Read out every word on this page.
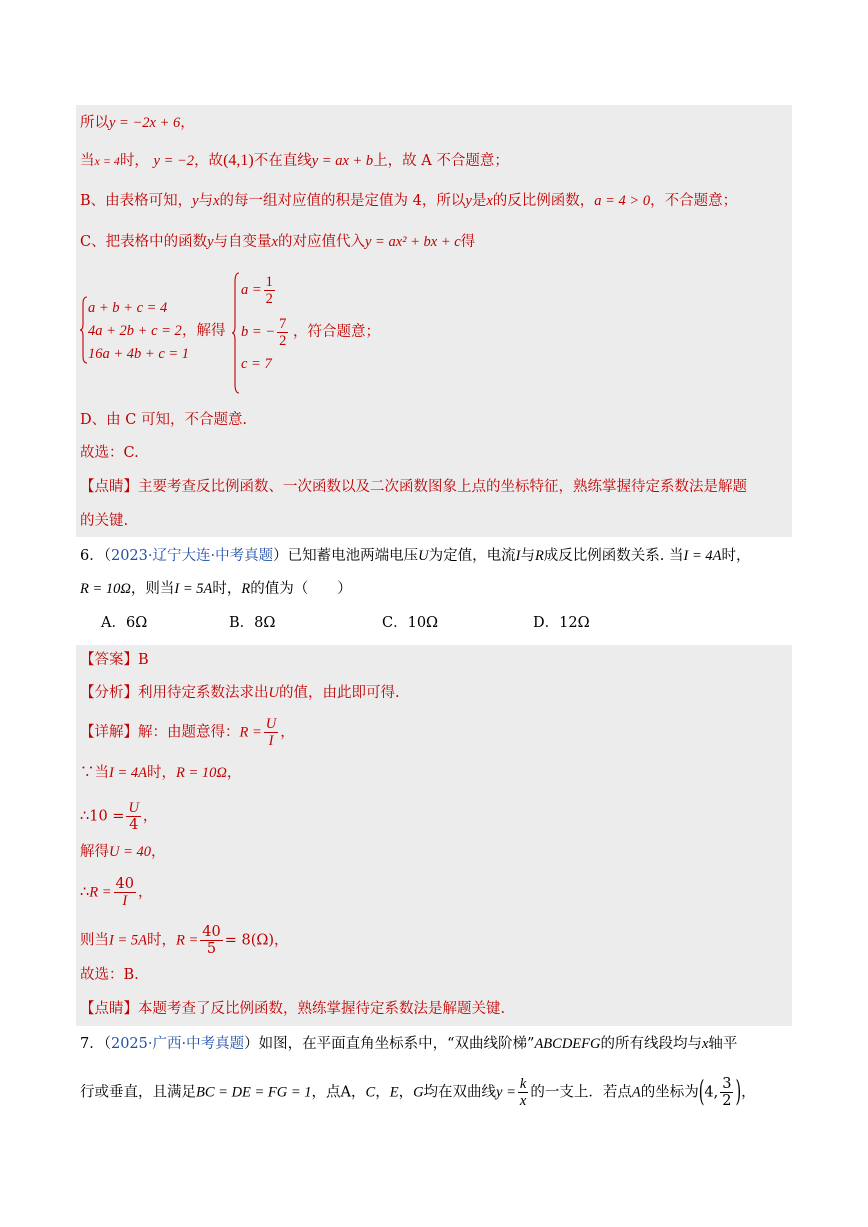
所以y = −2x + 6，
当x = 4时， y = −2，故(4,1)不在直线y = ax + b上，故 A 不合题意；
B、由表格可知，y与x的每一组对应值的积是定值为 4，所以y是x的反比例函数，a = 4 > 0，不合题意；
C、把表格中的函数y与自变量x的对应值代入y = ax² + bx + c得
a + b + c = 4
4a + 2b + c = 2
16a + 4b + c = 1
，解得
$a = \frac{1}{2}$
b = − $\frac{7}{2}$ ，符合题意；
c = 7
D、由 C 可知，不合题意.
故选：C.
【点睛】主要考查反比例函数、一次函数以及二次函数图象上点的坐标特征，熟练掌握待定系数法是解题
的关键.
6．（2023·辽宁大连·中考真题）已知蓄电池两端电压U为定值，电流I与R成反比例函数关系. 当I = 4A时，
R = 10Ω，则当I = 5A时，R的值为（　　）
A．6Ω	B．8Ω	C．10Ω	D．12Ω
【答案】B
【分析】利用待定系数法求出U的值，由此即可得.
【详解】解：由题意得：$R = \frac{U}{I}$ ，
∵当I = 4A时，R = 10Ω，
∴10 = $\frac{U}{4}$ ，
解得U = 40，
∴R = $\frac{40}{I}$ ，
则当I = 5A时，$R = \frac{40}{5} = 8(\Omega)$，
故选：B.
【点睛】本题考查了反比例函数，熟练掌握待定系数法是解题关键.
7．（2025·广西·中考真题）如图，在平面直角坐标系中，“双曲线阶梯”ABCDEFG的所有线段均与x轴平
行或垂直，且满足BC = DE = FG = 1，点A，C，E，G均在双曲线$y = \frac{k}{x}$ 的一支上．若点A的坐标为(4, $\frac{3}{2}$ )，
